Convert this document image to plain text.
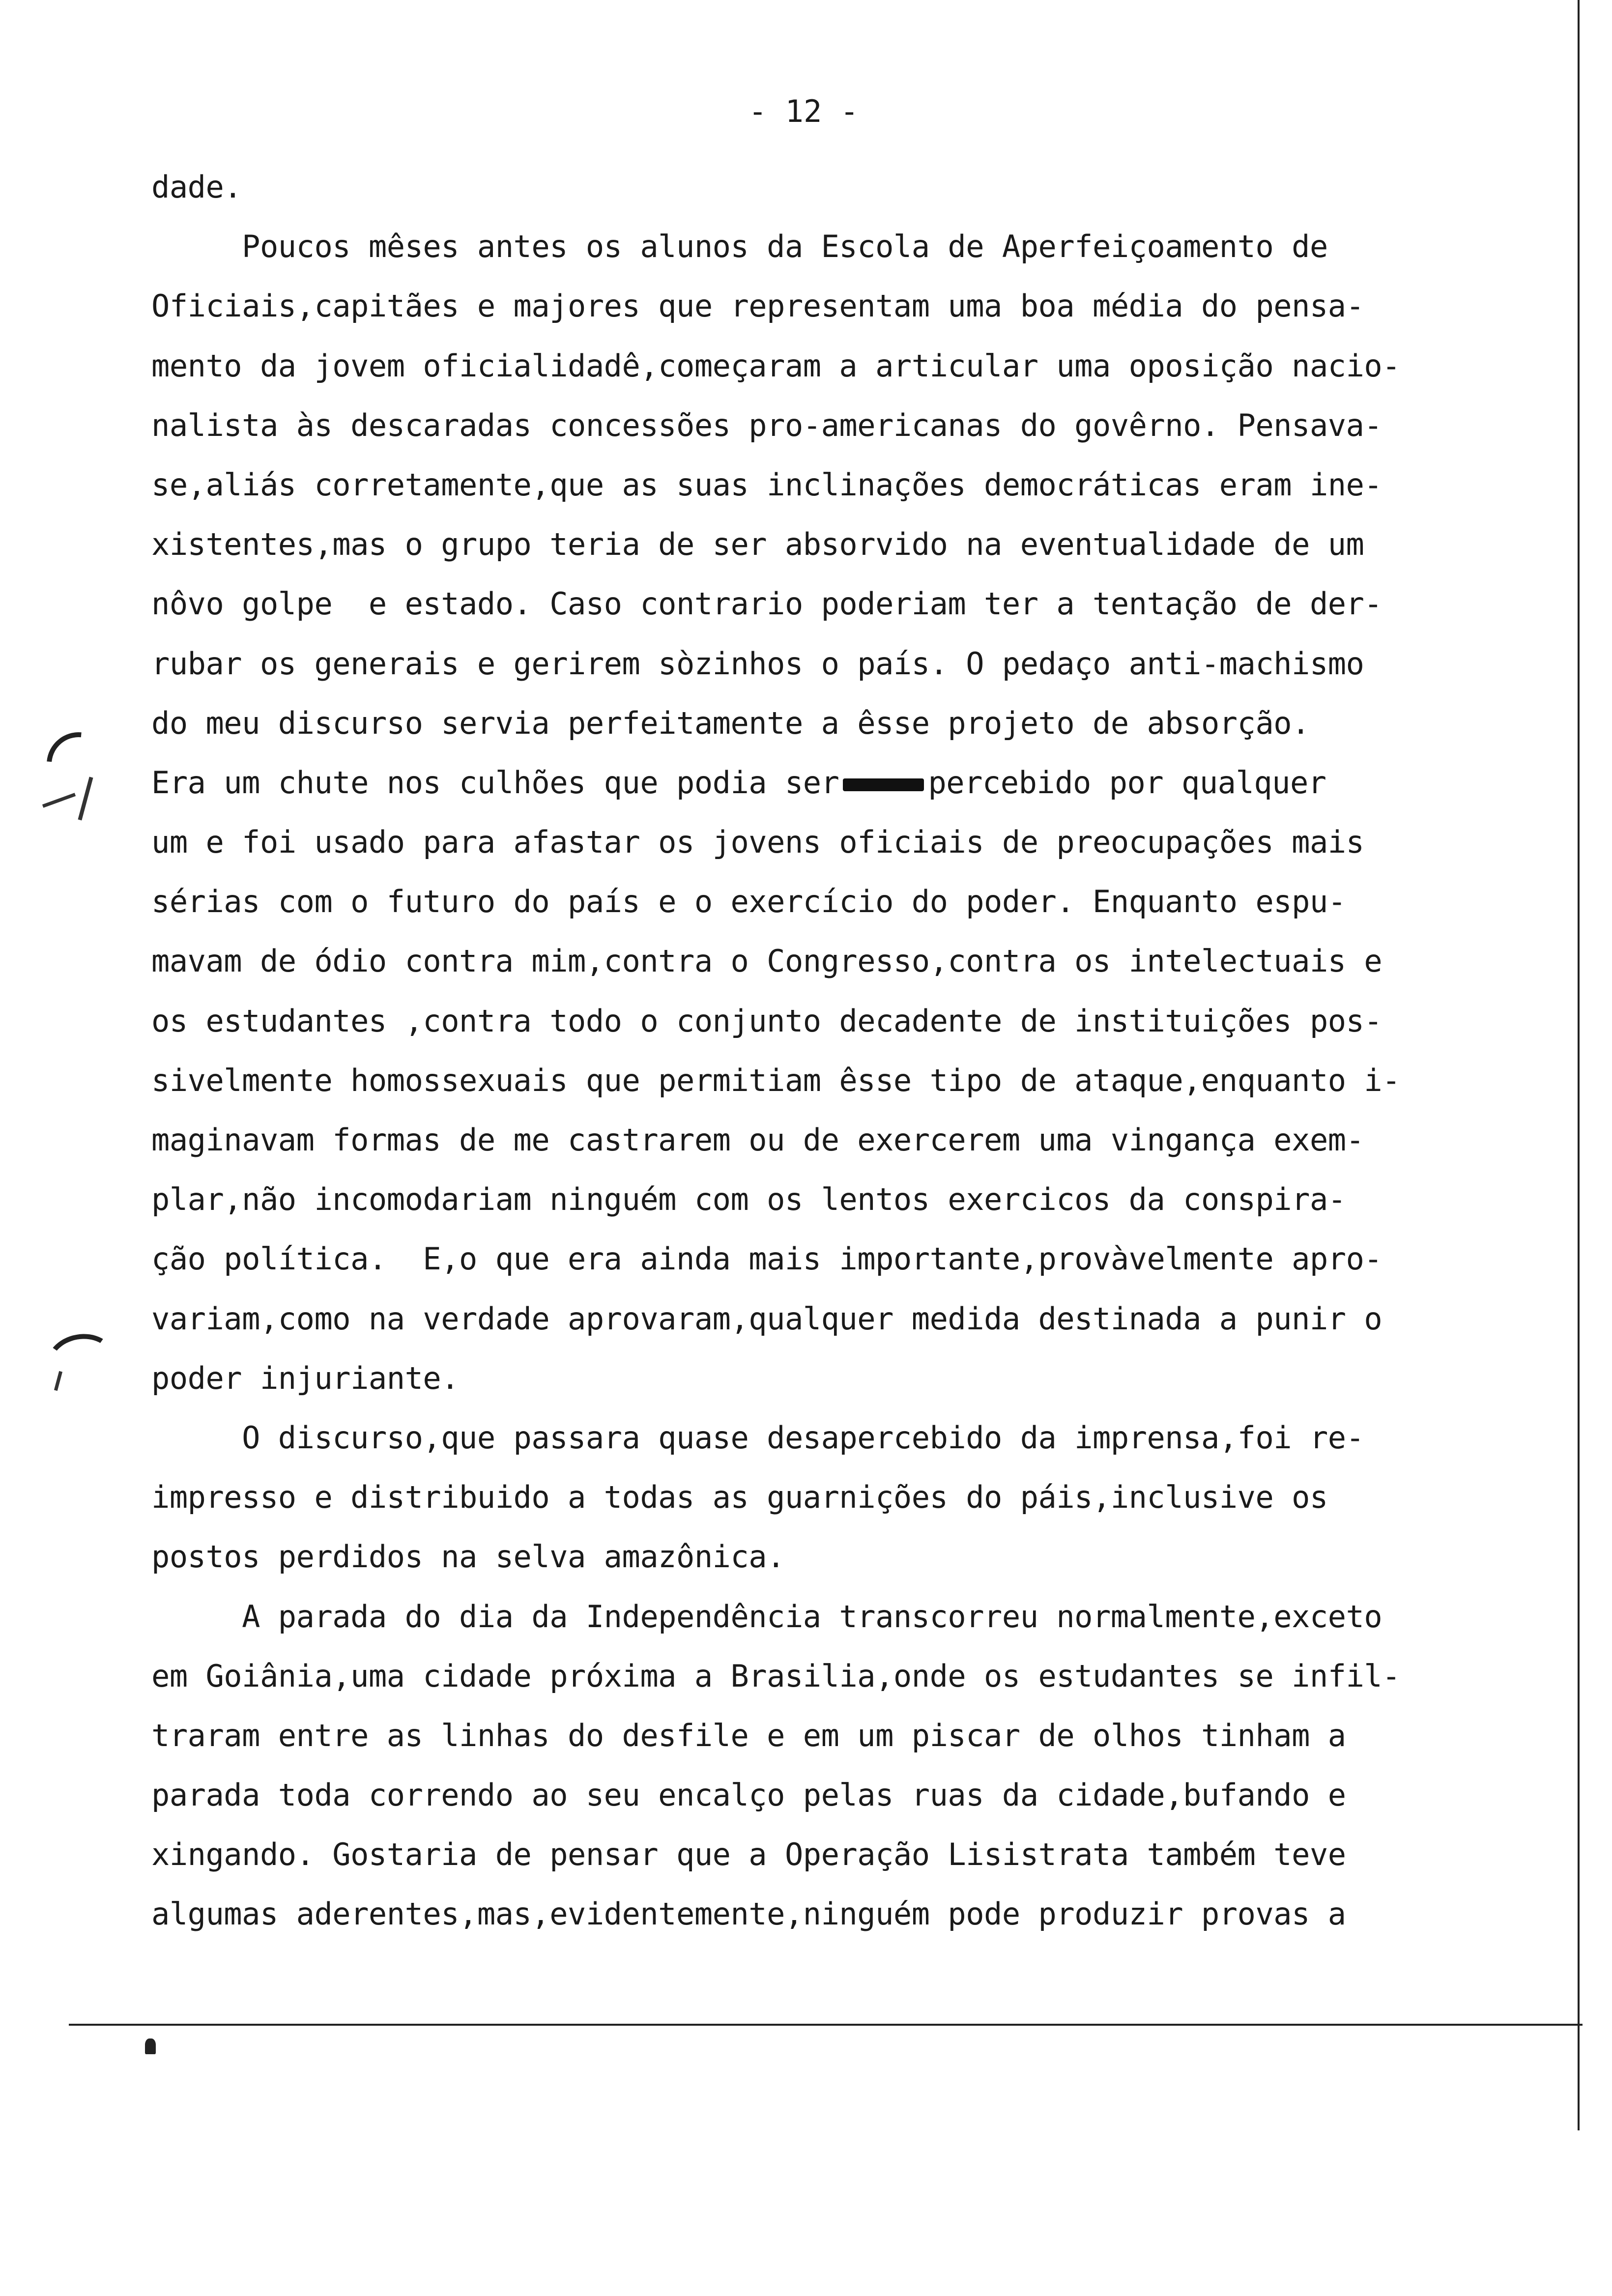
- 12 -
dade.
Poucos mêses antes os alunos da Escola de Aperfeiçoamento de
Oficiais,capitães e majores que representam uma boa média do pensa-
mento da jovem oficialidadê,começaram a articular uma oposição nacio-
nalista às descaradas concessões pro-americanas do govêrno. Pensava-
se,aliás corretamente,que as suas inclinações democráticas eram ine-
xistentes,mas o grupo teria de ser absorvido na eventualidade de um
nôvo golpe  e estado. Caso contrario poderiam ter a tentação de der-
rubar os generais e gerirem sòzinhos o país. O pedaço anti-machismo
do meu discurso servia perfeitamente a êsse projeto de absorção.
Era um chute nos culhões que podia ser	percebido por qualquer
um e foi usado para afastar os jovens oficiais de preocupações mais
sérias com o futuro do país e o exercício do poder. Enquanto espu-
mavam de ódio contra mim,contra o Congresso,contra os intelectuais e
os estudantes ,contra todo o conjunto decadente de instituições pos-
sivelmente homossexuais que permitiam êsse tipo de ataque,enquanto i-
maginavam formas de me castrarem ou de exercerem uma vingança exem-
plar,não incomodariam ninguém com os lentos exercicos da conspira-
ção política.  E,o que era ainda mais importante,provàvelmente apro-
variam,como na verdade aprovaram,qualquer medida destinada a punir o
poder injuriante.
O discurso,que passara quase desapercebido da imprensa,foi re-
impresso e distribuido a todas as guarnições do páis,inclusive os
postos perdidos na selva amazônica.
A parada do dia da Independência transcorreu normalmente,exceto
em Goiânia,uma cidade próxima a Brasilia,onde os estudantes se infil-
traram entre as linhas do desfile e em um piscar de olhos tinham a
parada toda correndo ao seu encalço pelas ruas da cidade,bufando e
xingando. Gostaria de pensar que a Operação Lisistrata também teve
algumas aderentes,mas,evidentemente,ninguém pode produzir provas a
